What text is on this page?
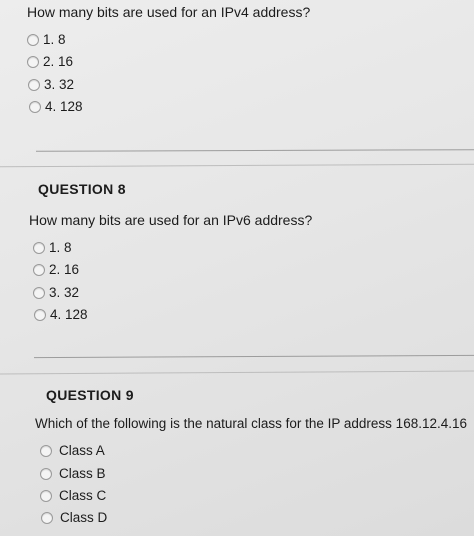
How many bits are used for an IPv4 address?
1. 8
2. 16
3. 32
4. 128
QUESTION 8
How many bits are used for an IPv6 address?
1. 8
2. 16
3. 32
4. 128
QUESTION 9
Which of the following is the natural class for the IP address 168.12.4.16
Class A
Class B
Class C
Class D
